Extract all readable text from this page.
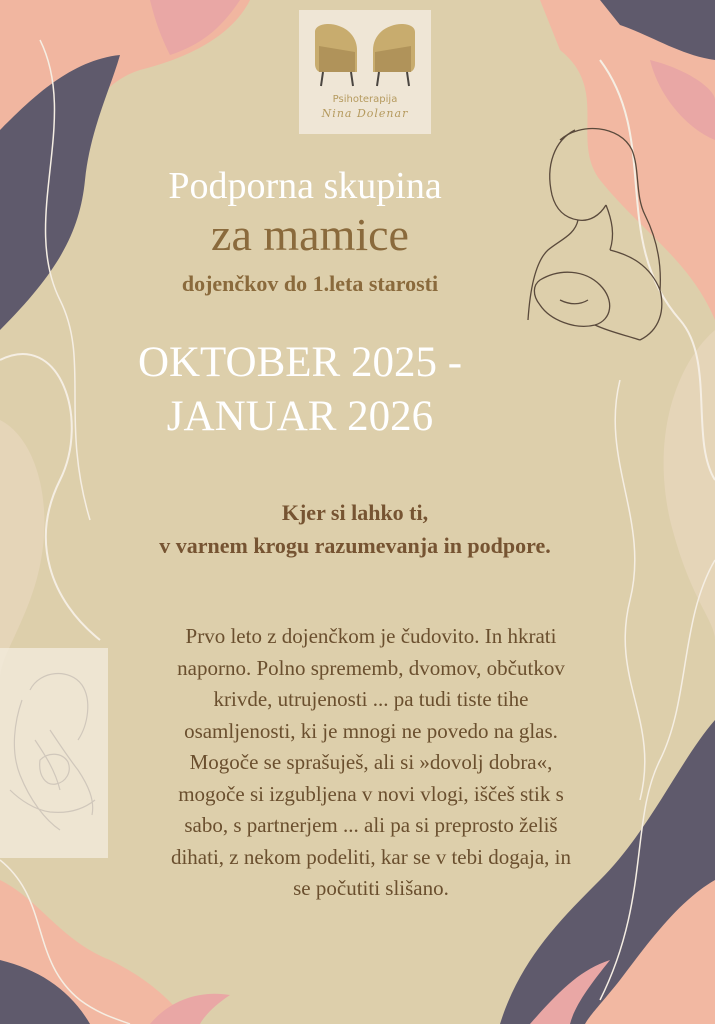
Psihoterapija
Nina Dolenar
Podporna skupina
za mamice
dojenčkov do 1.leta starosti
OKTOBER 2025 -
JANUAR 2026
Kjer si lahko ti,
v varnem krogu razumevanja in podpore.
Prvo leto z dojenčkom je čudovito. In hkrati
naporno. Polno sprememb, dvomov, občutkov
krivde, utrujenosti ... pa tudi tiste tihe
osamljenosti, ki je mnogi ne povedo na glas.
Mogoče se sprašuješ, ali si »dovolj dobra«,
mogoče si izgubljena v novi vlogi, iščeš stik s
sabo, s partnerjem ... ali pa si preprosto želiš
dihati, z nekom podeliti, kar se v tebi dogaja, in
se počutiti slišano.
